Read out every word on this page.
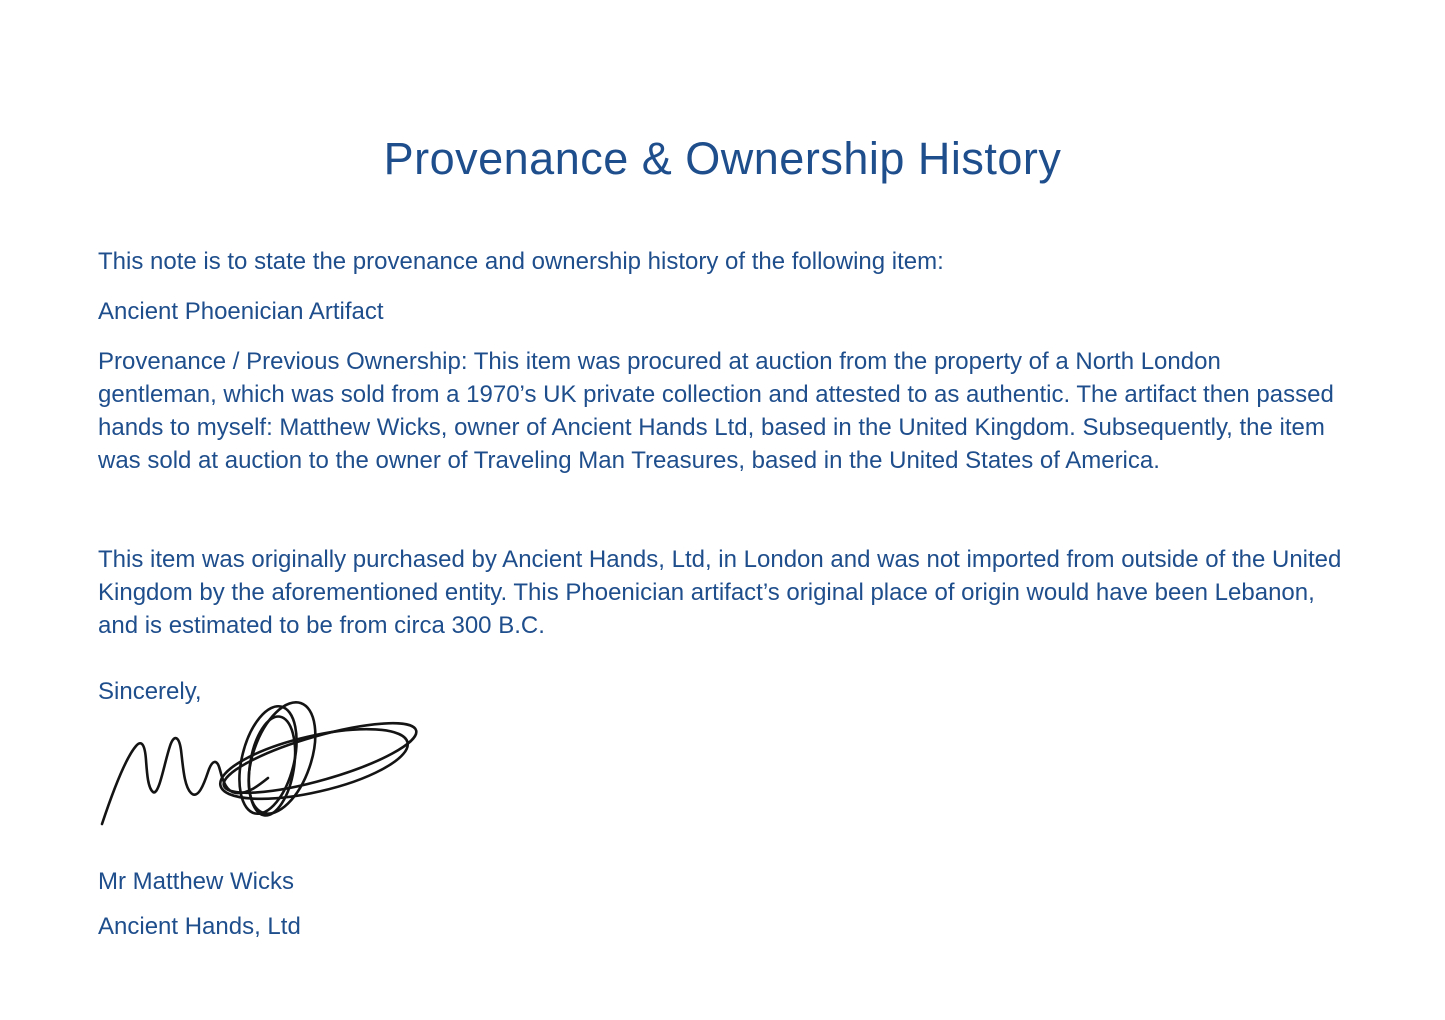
Provenance & Ownership History

This note is to state the provenance and ownership history of the following item:

Ancient Phoenician Artifact

Provenance / Previous Ownership: This item was procured at auction from the property of a North London gentleman, which was sold from a 1970’s UK private collection and attested to as authentic. The artifact then passed hands to myself: Matthew Wicks, owner of Ancient Hands Ltd, based in the United Kingdom. Subsequently, the item was sold at auction to the owner of Traveling Man Treasures, based in the United States of America.

This item was originally purchased by Ancient Hands, Ltd, in London and was not imported from outside of the United Kingdom by the aforementioned entity. This Phoenician artifact’s original place of origin would have been Lebanon, and is estimated to be from circa 300 B.C.

Sincerely,

Mr Matthew Wicks

Ancient Hands, Ltd
